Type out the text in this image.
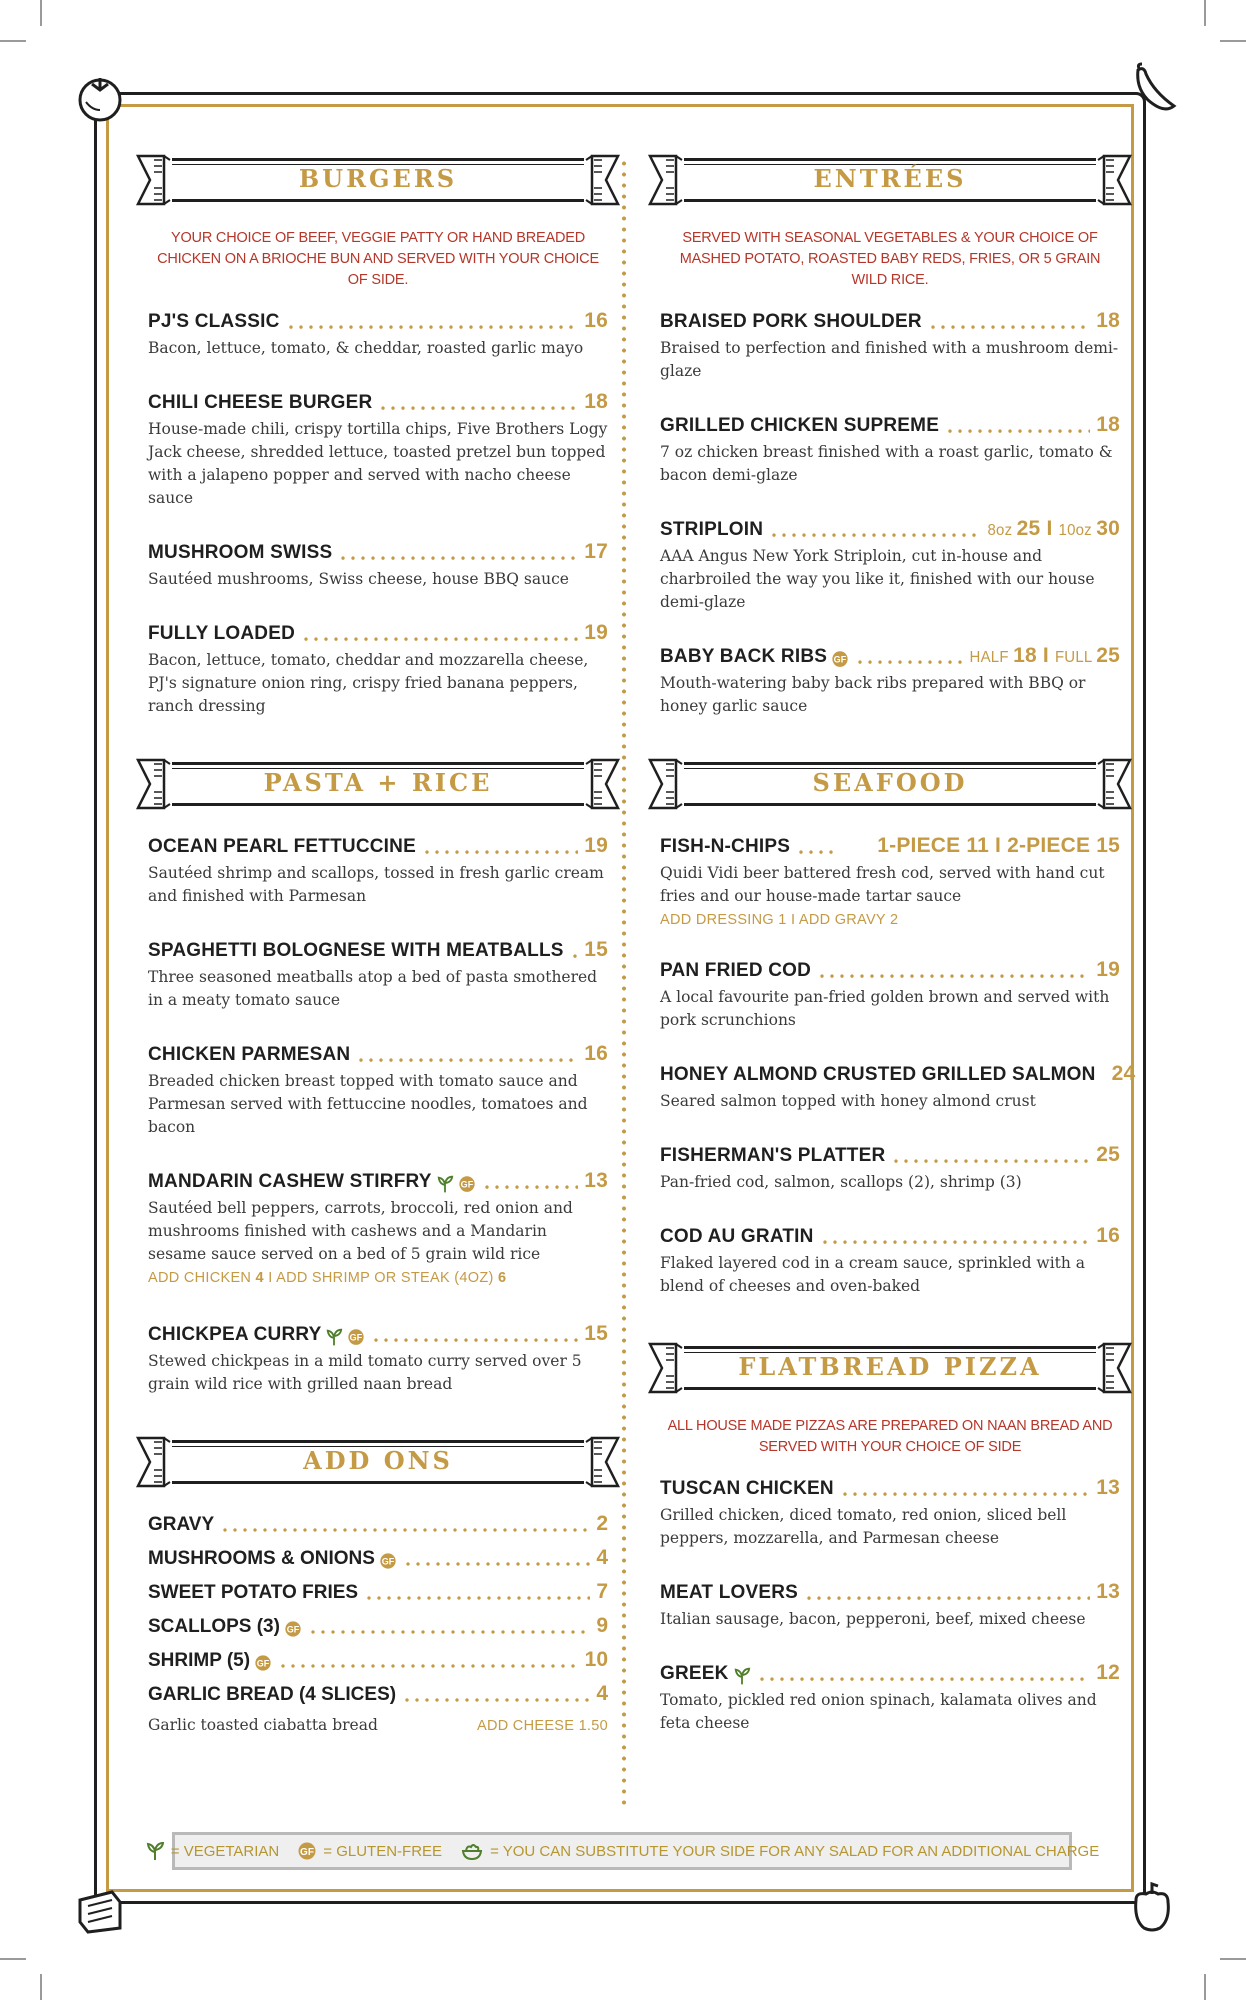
BURGERS
YOUR CHOICE OF BEEF, VEGGIE PATTY OR HAND BREADED CHICKEN ON A BRIOCHE BUN AND SERVED WITH YOUR CHOICE OF SIDE.
PJ'S CLASSIC	16
Bacon, lettuce, tomato, & cheddar, roasted garlic mayo
CHILI CHEESE BURGER	18
House-made chili, crispy tortilla chips, Five Brothers Logy Jack cheese, shredded lettuce, toasted pretzel bun topped with a jalapeno popper and served with nacho cheese sauce
MUSHROOM SWISS	17
Sautéed mushrooms, Swiss cheese, house BBQ sauce
FULLY LOADED	19
Bacon, lettuce, tomato, cheddar and mozzarella cheese, PJ's signature onion ring, crispy fried banana peppers, ranch dressing
PASTA + RICE
OCEAN PEARL FETTUCCINE	19
Sautéed shrimp and scallops, tossed in fresh garlic cream and finished with Parmesan
SPAGHETTI BOLOGNESE WITH MEATBALLS 15
Three seasoned meatballs atop a bed of pasta smothered in a meaty tomato sauce
CHICKEN PARMESAN	16
Breaded chicken breast topped with tomato sauce and Parmesan served with fettuccine noodles, tomatoes and bacon
MANDARIN CASHEW STIRFRY	13
Sautéed bell peppers, carrots, broccoli, red onion and mushrooms finished with cashews and a Mandarin sesame sauce served on a bed of 5 grain wild rice
ADD CHICKEN 4 I ADD SHRIMP OR STEAK (4OZ) 6
CHICKPEA CURRY	15
Stewed chickpeas in a mild tomato curry served over 5 grain wild rice with grilled naan bread
ADD ONS
GRAVY	2
MUSHROOMS & ONIONS	4
SWEET POTATO FRIES	7
SCALLOPS (3)	9
SHRIMP (5)	10
GARLIC BREAD (4 SLICES)	4
Garlic toasted ciabatta bread	ADD CHEESE 1.50
ENTRÉES
SERVED WITH SEASONAL VEGETABLES & YOUR CHOICE OF MASHED POTATO, ROASTED BABY REDS, FRIES, OR 5 GRAIN WILD RICE.
BRAISED PORK SHOULDER	18
Braised to perfection and finished with a mushroom demi-glaze
GRILLED CHICKEN SUPREME	18
7 oz chicken breast finished with a roast garlic, tomato & bacon demi-glaze
STRIPLOIN	8oz 25 I 10oz 30
AAA Angus New York Striploin, cut in-house and charbroiled the way you like it, finished with our house demi-glaze
BABY BACK RIBS	HALF 18 I FULL 25
Mouth-watering baby back ribs prepared with BBQ or honey garlic sauce
SEAFOOD
FISH-N-CHIPS	1-PIECE 11 I 2-PIECE 15
Quidi Vidi beer battered fresh cod, served with hand cut fries and our house-made tartar sauce
ADD DRESSING 1 I ADD GRAVY 2
PAN FRIED COD	19
A local favourite pan-fried golden brown and served with pork scrunchions
HONEY ALMOND CRUSTED GRILLED SALMON 24
Seared salmon topped with honey almond crust
FISHERMAN'S PLATTER	25
Pan-fried cod, salmon, scallops (2), shrimp (3)
COD AU GRATIN	16
Flaked layered cod in a cream sauce, sprinkled with a blend of cheeses and oven-baked
FLATBREAD PIZZA
ALL HOUSE MADE PIZZAS ARE PREPARED ON NAAN BREAD AND SERVED WITH YOUR CHOICE OF SIDE
TUSCAN CHICKEN	13
Grilled chicken, diced tomato, red onion, sliced bell peppers, mozzarella, and Parmesan cheese
MEAT LOVERS	13
Italian sausage, bacon, pepperoni, beef, mixed cheese
GREEK	12
Tomato, pickled red onion spinach, kalamata olives and feta cheese
= VEGETARIAN	= GLUTEN-FREE	= YOU CAN SUBSTITUTE YOUR SIDE FOR ANY SALAD FOR AN ADDITIONAL CHARGE
